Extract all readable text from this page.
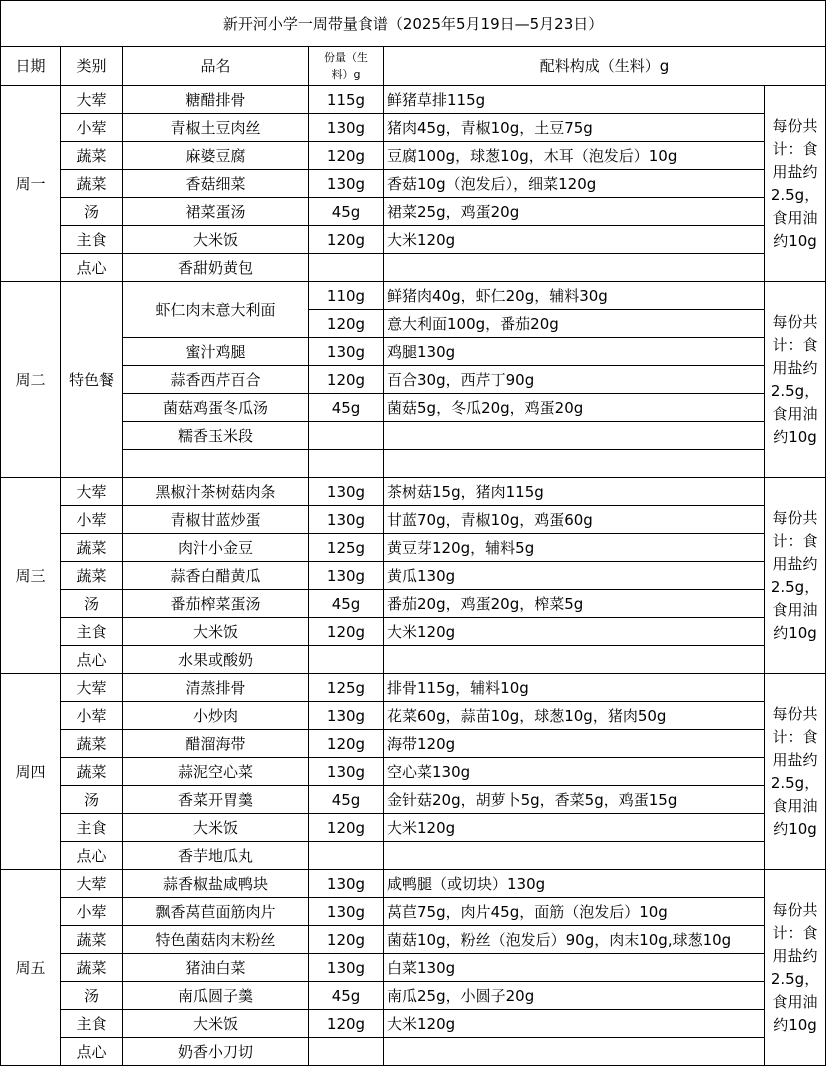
新开河小学一周带量食谱（2025年5月19日—5月23日）					
日期	类别	品名	份量（生料）g	配料构成（生料）g	
周一	大荤	糖醋排骨	115g	鲜猪草排115g	每份共计：食用盐约2.5g，食用油约10g
	小荤	青椒土豆肉丝	130g	猪肉45g，青椒10g，土豆75g	
	蔬菜	麻婆豆腐	120g	豆腐100g，球葱10g，木耳（泡发后）10g	
	蔬菜	香菇细菜	130g	香菇10g（泡发后），细菜120g	
	汤	裙菜蛋汤	45g	裙菜25g，鸡蛋20g	
	主食	大米饭	120g	大米120g	
	点心	香甜奶黄包			
周二	特色餐	虾仁肉末意大利面	110g	鲜猪肉40g，虾仁20g，辅料30g	每份共计：食用盐约2.5g，食用油约10g
			120g	意大利面100g，番茄20g	
		蜜汁鸡腿	130g	鸡腿130g	
		蒜香西芹百合	120g	百合30g，西芹丁90g	
		菌菇鸡蛋冬瓜汤	45g	菌菇5g，冬瓜20g，鸡蛋20g	
		糯香玉米段			

周三	大荤	黑椒汁茶树菇肉条	130g	茶树菇15g，猪肉115g	每份共计：食用盐约2.5g，食用油约10g
	小荤	青椒甘蓝炒蛋	130g	甘蓝70g，青椒10g，鸡蛋60g	
	蔬菜	肉汁小金豆	125g	黄豆芽120g，辅料5g	
	蔬菜	蒜香白醋黄瓜	130g	黄瓜130g	
	汤	番茄榨菜蛋汤	45g	番茄20g，鸡蛋20g，榨菜5g	
	主食	大米饭	120g	大米120g	
	点心	水果或酸奶			
周四	大荤	清蒸排骨	125g	排骨115g，辅料10g	每份共计：食用盐约2.5g，食用油约10g
	小荤	小炒肉	130g	花菜60g，蒜苗10g，球葱10g，猪肉50g	
	蔬菜	醋溜海带	120g	海带120g	
	蔬菜	蒜泥空心菜	130g	空心菜130g	
	汤	香菜开胃羹	45g	金针菇20g，胡萝卜5g，香菜5g，鸡蛋15g	
	主食	大米饭	120g	大米120g	
	点心	香芋地瓜丸			
周五	大荤	蒜香椒盐咸鸭块	130g	咸鸭腿（或切块）130g	每份共计：食用盐约2.5g，食用油约10g
	小荤	飘香莴苣面筋肉片	130g	莴苣75g，肉片45g，面筋（泡发后）10g	
	蔬菜	特色菌菇肉末粉丝	120g	菌菇10g，粉丝（泡发后）90g，肉末10g,球葱10g	
	蔬菜	猪油白菜	130g	白菜130g	
	汤	南瓜圆子羹	45g	南瓜25g，小圆子20g	
	主食	大米饭	120g	大米120g	
	点心	奶香小刀切			
